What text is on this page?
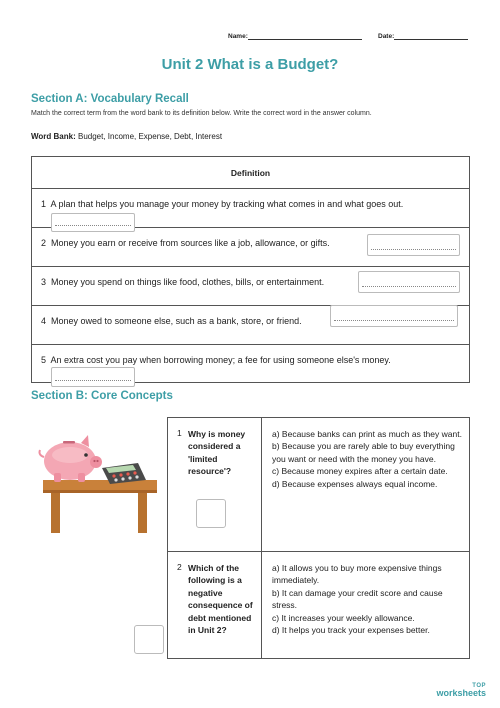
Name:	Date:
Unit 2 What is a Budget?
Section A: Vocabulary Recall
Match the correct term from the word bank to its definition below. Write the correct word in the answer column.
Word Bank: Budget, Income, Expense, Debt, Interest
Definition
1 A plan that helps you manage your money by tracking what comes in and what goes out.
2 Money you earn or receive from sources like a job, allowance, or gifts.
3 Money you spend on things like food, clothes, bills, or entertainment.
4 Money owed to someone else, such as a bank, store, or friend.
5 An extra cost you pay when borrowing money; a fee for using someone else's money.
Section B: Core Concepts
1 Why is money considered a 'limited resource'?
a) Because banks can print as much as they want.
b) Because you are rarely able to buy everything you want or need with the money you have.
c) Because money expires after a certain date.
d) Because expenses always equal income.
2 Which of the following is a negative consequence of debt mentioned in Unit 2?
a) It allows you to buy more expensive things immediately.
b) It can damage your credit score and cause stress.
c) It increases your weekly allowance.
d) It helps you track your expenses better.
TOP
worksheets
